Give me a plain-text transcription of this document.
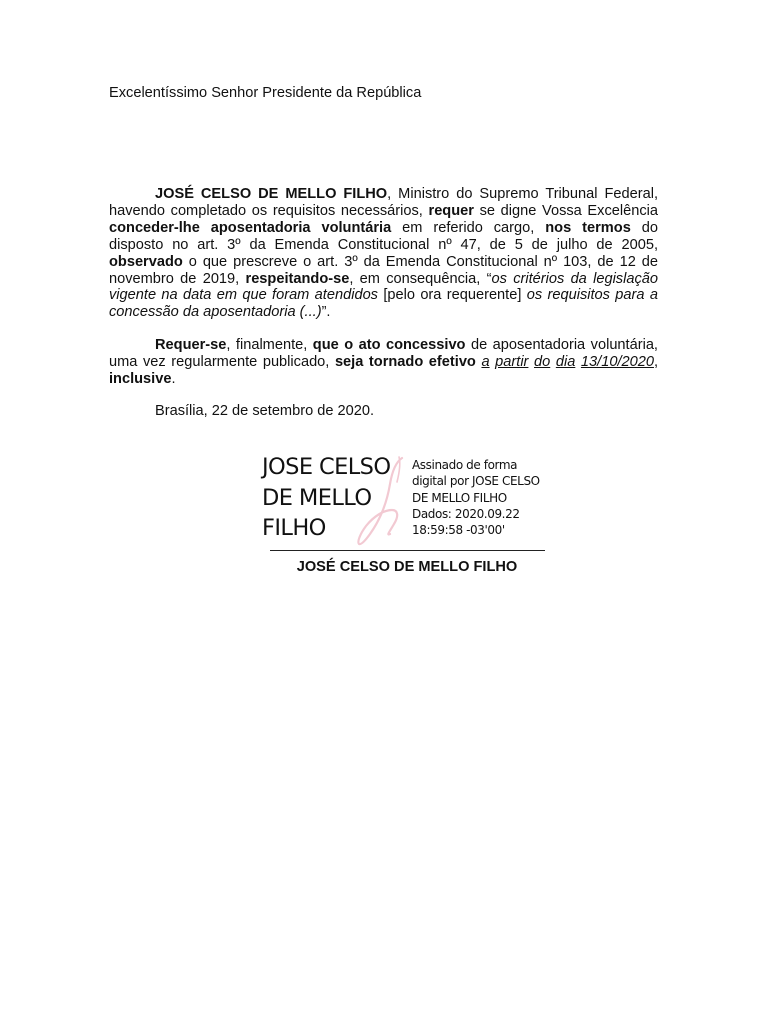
Excelentíssimo Senhor Presidente da República

JOSÉ CELSO DE MELLO FILHO, Ministro do Supremo Tribunal Federal, havendo completado os requisitos necessários, requer se digne Vossa Excelência conceder-lhe aposentadoria voluntária em referido cargo, nos termos do disposto no art. 3º da Emenda Constitucional nº 47, de 5 de julho de 2005, observado o que prescreve o art. 3º da Emenda Constitucional nº 103, de 12 de novembro de 2019, respeitando-se, em consequência, “os critérios da legislação vigente na data em que foram atendidos [pelo ora requerente] os requisitos para a concessão da aposentadoria (...)”.

Requer-se, finalmente, que o ato concessivo de aposentadoria voluntária, uma vez regularmente publicado, seja tornado efetivo a partir do dia 13/10/2020, inclusive.

Brasília, 22 de setembro de 2020.
JOSE CELSO
DE MELLO
FILHO
Assinado de forma
digital por JOSE CELSO
DE MELLO FILHO
Dados: 2020.09.22
18:59:58 -03'00'
JOSÉ CELSO DE MELLO FILHO
